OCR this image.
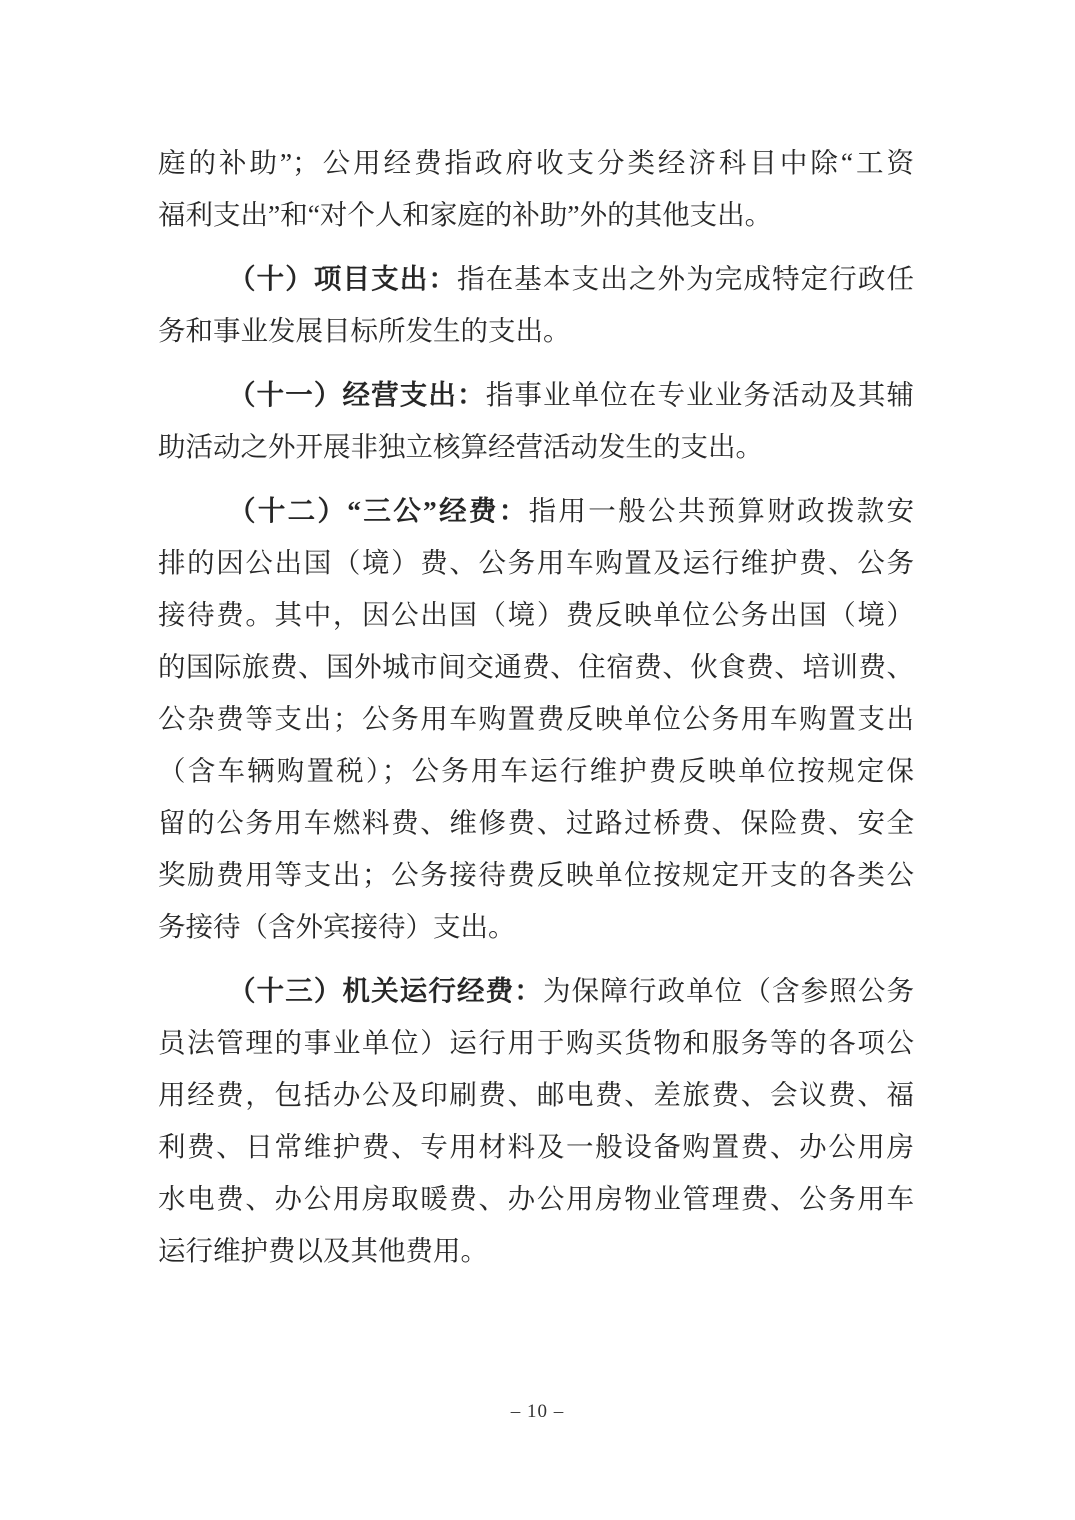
庭的补助”；公用经费指政府收支分类经济科目中除“工资
福利支出”和“对个人和家庭的补助”外的其他支出。
（十）项目支出：指在基本支出之外为完成特定行政任
务和事业发展目标所发生的支出。
（十一）经营支出：指事业单位在专业业务活动及其辅
助活动之外开展非独立核算经营活动发生的支出。
（十二）“三公”经费：指用一般公共预算财政拨款安
排的因公出国（境）费、公务用车购置及运行维护费、公务
接待费。其中，因公出国（境）费反映单位公务出国（境）
的国际旅费、国外城市间交通费、住宿费、伙食费、培训费、
公杂费等支出；公务用车购置费反映单位公务用车购置支出
（含车辆购置税）；公务用车运行维护费反映单位按规定保
留的公务用车燃料费、维修费、过路过桥费、保险费、安全
奖励费用等支出；公务接待费反映单位按规定开支的各类公
务接待（含外宾接待）支出。
（十三）机关运行经费：为保障行政单位（含参照公务
员法管理的事业单位）运行用于购买货物和服务等的各项公
用经费，包括办公及印刷费、邮电费、差旅费、会议费、福
利费、日常维护费、专用材料及一般设备购置费、办公用房
水电费、办公用房取暖费、办公用房物业管理费、公务用车
运行维护费以及其他费用。
– 10 –
